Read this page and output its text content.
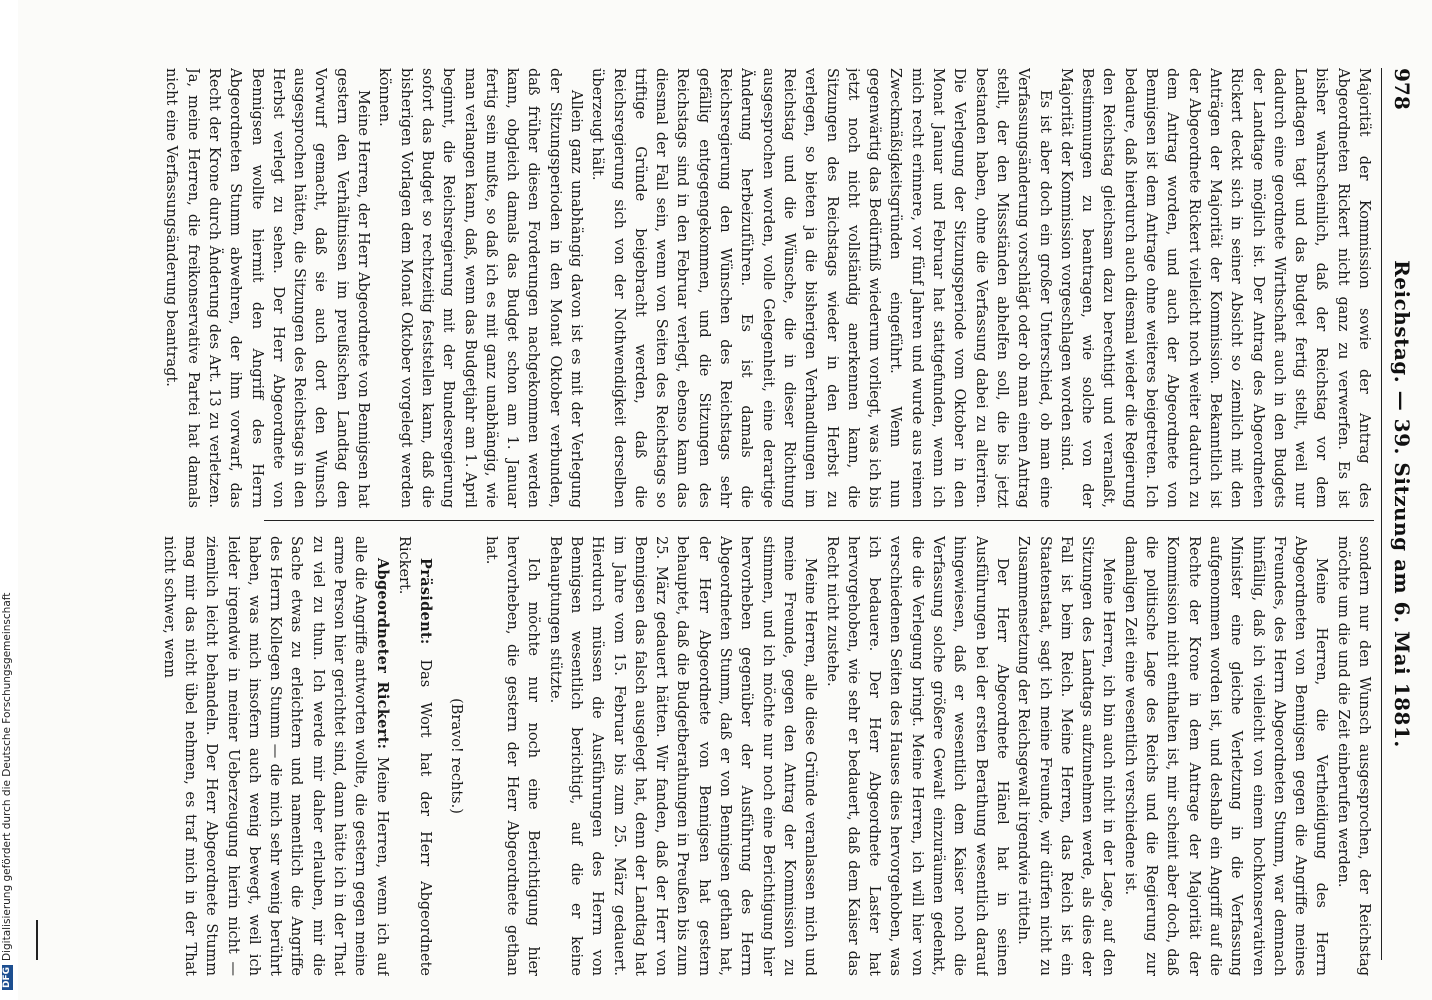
978
Reichstag. — 39. Sitzung am 6. Mai 1881.

Majorität der Kommission sowie der Antrag des Abgeordneten Rickert nicht ganz zu verwerfen. Es ist bisher wahrscheinlich, daß der Reichstag vor dem Landtagen tagt und das Budget fertig stellt, weil nur dadurch eine geordnete Wirthschaft auch in den Budgets der Landtage möglich ist. Der Antrag des Abgeordneten Rickert deckt sich in seiner Absicht so ziemlich mit den Anträgen der Majorität der Kommission. Bekanntlich ist der Abgeordnete Rickert vielleicht noch weiter dadurch zu dem Antrag worden, und auch der Abgeordnete von Bennigsen ist dem Antrage ohne weiteres beigetreten. Ich bedaure, daß hierdurch auch diesmal wieder die Regierung den Reichstag gleichsam dazu berechtigt und veranlaßt, Bestimmungen zu beantragen, wie solche von der Majorität der Kommission vorgeschlagen worden sind.

Es ist aber doch ein großer Unterschied, ob man eine Verfassungsänderung vorschlägt oder ob man einen Antrag stellt, der den Missständen abhelfen soll, die bis jetzt bestanden haben, ohne die Verfassung dabei zu alteriren. Die Verlegung der Sitzungsperiode vom Oktober in den Monat Januar und Februar hat stattgefunden, wenn ich mich recht erinnere, vor fünf Jahren und wurde aus reinen Zweckmäßigkeitsgründen eingeführt. Wenn nun gegenwärtig das Bedürfniß wiederum vorliegt, was ich bis jetzt noch nicht vollständig anerkennen kann, die Sitzungen des Reichstags wieder in den Herbst zu verlegen, so bieten ja die bisherigen Verhandlungen im Reichstag und die Wünsche, die in dieser Richtung ausgesprochen worden, volle Gelegenheit, eine derartige Änderung herbeizuführen. Es ist damals die Reichsregierung den Wünschen des Reichstags sehr gefällig entgegengekommen, und die Sitzungen des Reichstags sind in den Februar verlegt, ebenso kann das diesmal der Fall sein, wenn von Seiten des Reichstags so triftige Gründe beigebracht werden, daß die Reichsregierung sich von der Nothwendigkeit derselben überzeugt hält.

Allein ganz unabhängig davon ist es mit der Verlegung der Sitzungsperioden in den Monat Oktober verbunden, daß früher diesen Forderungen nachgekommen werden kann, obgleich damals das Budget schon am 1. Januar fertig sein mußte, so daß ich es mit ganz unabhängig, wie man verlangen kann, daß, wenn das Budgetjahr am 1. April beginnt, die Reichsregierung mit der Bundesregierung sofort das Budget so rechtzeitig feststellen kann, daß die bisherigen Vorlagen dem Monat Oktober vorgelegt werden können.

Meine Herren, der Herr Abgeordnete von Bennigsen hat gestern den Verhältnissen im preußischen Landtag den Vorwurf gemacht, daß sie auch dort den Wunsch ausgesprochen hätten, die Sitzungen des Reichstags in den Herbst verlegt zu sehen. Der Herr Abgeordnete von Bennigsen wollte hiermit den Angriff des Herrn Abgeordneten Stumm abwehren, der ihm vorwarf, das Recht der Krone durch Änderung des Art. 13 zu verletzen. Ja, meine Herren, die freikonservative Partei hat damals nicht eine Verfassungsänderung beantragt.

sondern nur den Wunsch ausgesprochen, der Reichstag möchte um die und die Zeit einberufen werden.

Meine Herren, die Vertheidigung des Herrn Abgeordneten von Bennigsen gegen die Angriffe meines Freundes, des Herrn Abgeordneten Stumm, war demnach hinfällig, daß ich vielleicht von einem hochkonservativen Minister eine gleiche Verletzung in die Verfassung aufgenommen worden ist, und deshalb ein Angriff auf die Rechte der Krone in dem Antrage der Majorität der Kommission nicht enthalten ist, mir scheint aber doch, daß die politische Lage des Reichs und die Regierung zur damaligen Zeit eine wesentlich verschiedene ist.

Meine Herren, ich bin auch nicht in der Lage, auf den Sitzungen des Landtags aufzunehmen werde, als dies der Fall ist beim Reich. Meine Herren, das Reich ist ein Staatenstaat, sagt ich meine Freunde, wir dürfen nicht zu Zusammensetzung der Reichsgewalt irgendwie rütteln.

Der Herr Abgeordnete Hänel hat in seinen Ausführungen bei der ersten Berathung wesentlich darauf hingewiesen, daß er wesentlich dem Kaiser noch die Verfassung solche größere Gewalt einzuräumen gedenkt, die die Verlegung bringt. Meine Herren, ich will hier von verschiedenen Seiten des Hauses dies hervorgehoben, was ich bedauere. Der Herr Abgeordnete Laster hat hervorgehoben, wie sehr er bedauert, daß dem Kaiser das Recht nicht zustehe.

Meine Herren, alle diese Gründe veranlassen mich und meine Freunde, gegen den Antrag der Kommission zu stimmen, und ich möchte nur noch eine Berichtigung hier hervorheben gegenüber der Ausführung des Herrn Abgeordneten Stumm, daß er von Bennigsen gethan hat, der Herr Abgeordnete von Bennigsen hat gestern behauptet, daß die Budgetberathungen in Preußen bis zum 25. März gedauert hätten. Wir fanden, daß der Herr von Bennigsen das falsch ausgelegt hat, denn der Landtag hat im Jahre vom 15. Februar bis zum 25. März gedauert. Hierdurch müssen die Ausführungen des Herrn von Bennigsen wesentlich berichtigt, auf die er keine Behauptungen stützte.

Ich möchte nur noch eine Berichtigung hier hervorheben, die gestern der Herr Abgeordnete gethan hat.

(Bravo! rechts.)

Präsident: Das Wort hat der Herr Abgeordnete Rickert.

Abgeordneter Rickert: Meine Herren, wenn ich auf alle die Angriffe antworten wollte, die gestern gegen meine arme Person hier gerichtet sind, dann hätte ich in der That zu viel zu thun. Ich werde mir daher erlauben, mir die Sache etwas zu erleichtern und namentlich die Angriffe des Herrn Kollegen Stumm — die mich sehr wenig berührt haben, was mich insofern auch wenig bewegt, weil ich leider irgendwie in meiner Ueberzeugung hierin nicht — ziemlich leicht behandeln. Der Herr Abgeordnete Stumm mag mir das nicht übel nehmen, es traf mich in der That nicht schwer, wenn

DFGDigitalisierung gefördert durch die Deutsche Forschungsgemeinschaft
